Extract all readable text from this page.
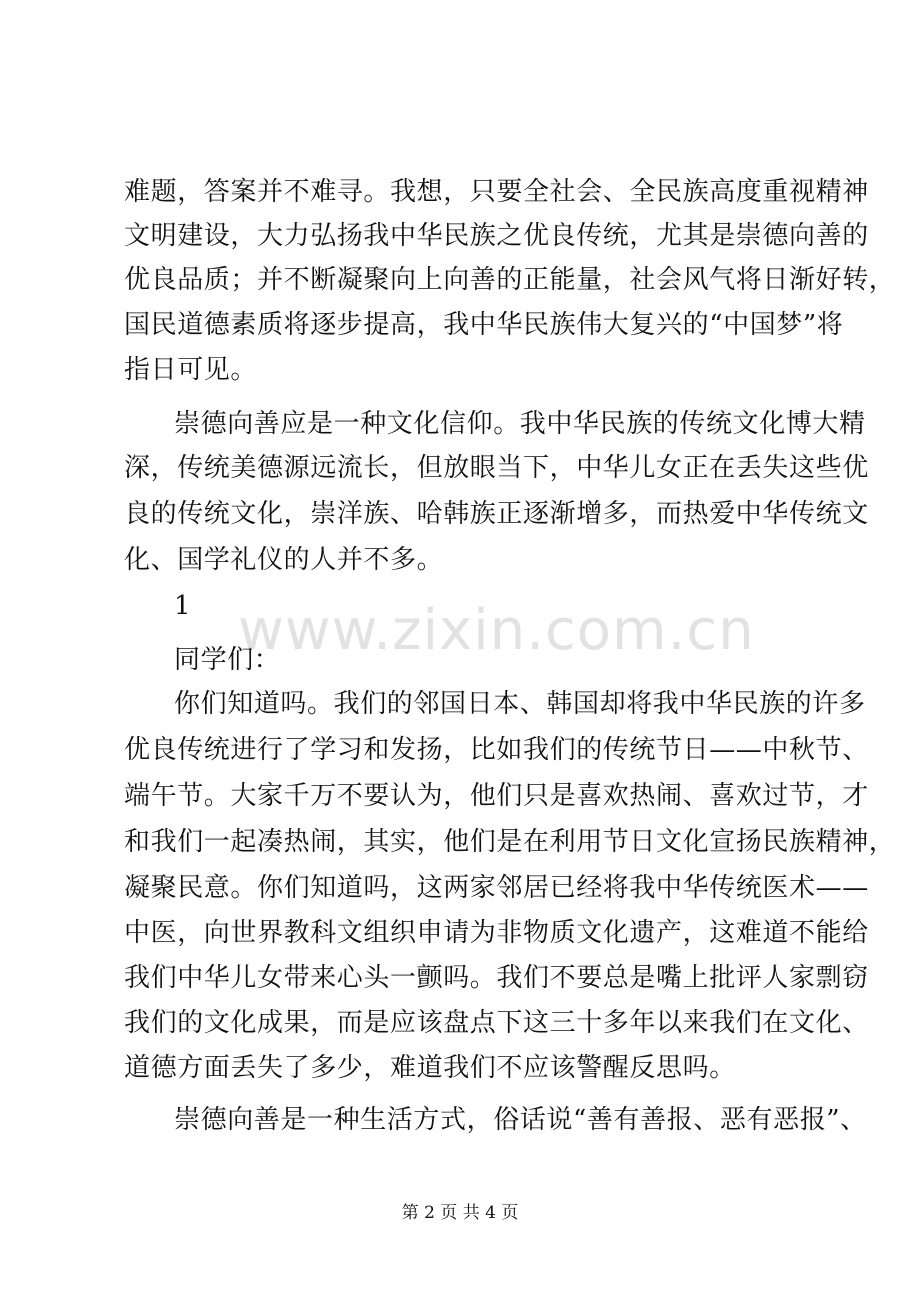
难题，答案并不难寻。我想，只要全社会、全民族高度重视精神
文明建设，大力弘扬我中华民族之优良传统，尤其是崇德向善的
优良品质；并不断凝聚向上向善的正能量，社会风气将日渐好转，
国民道德素质将逐步提高，我中华民族伟大复兴的“中国梦”将
指日可见。
崇德向善应是一种文化信仰。我中华民族的传统文化博大精
深，传统美德源远流长，但放眼当下，中华儿女正在丢失这些优
良的传统文化，崇洋族、哈韩族正逐渐增多，而热爱中华传统文
化、国学礼仪的人并不多。
1
同学们：
你们知道吗。我们的邻国日本、韩国却将我中华民族的许多
优良传统进行了学习和发扬，比如我们的传统节日——中秋节、
端午节。大家千万不要认为，他们只是喜欢热闹、喜欢过节，才
和我们一起凑热闹，其实，他们是在利用节日文化宣扬民族精神，
凝聚民意。你们知道吗，这两家邻居已经将我中华传统医术——
中医，向世界教科文组织申请为非物质文化遗产，这难道不能给
我们中华儿女带来心头一颤吗。我们不要总是嘴上批评人家剽窃
我们的文化成果，而是应该盘点下这三十多年以来我们在文化、
道德方面丢失了多少，难道我们不应该警醒反思吗。
崇德向善是一种生活方式，俗话说“善有善报、恶有恶报”、
www.zixin.com.cn
第 2 页 共 4 页
